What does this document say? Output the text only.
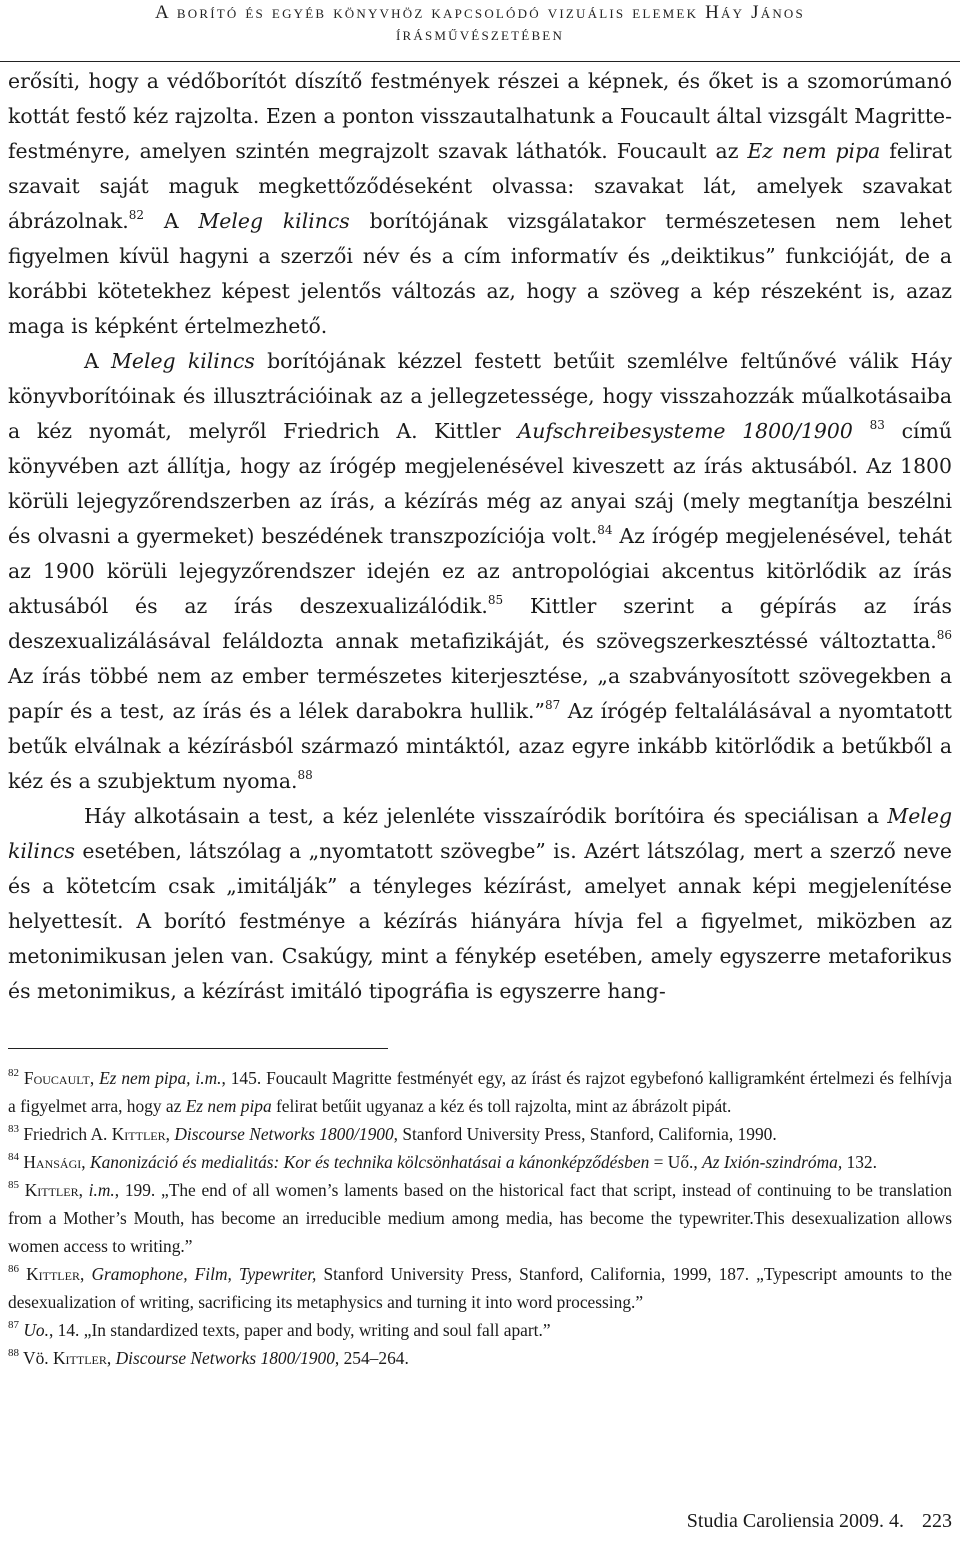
A borító és egyéb könyvhöz kapcsolódó vizuális elemek Háy János
írásművészetében

erősíti, hogy a védőborítót díszítő festmények részei a képnek, és őket is a szomorúmanó kottát festő kéz rajzolta. Ezen a ponton visszautalhatunk a Foucault által vizsgált Magritte-festményre, amelyen szintén megrajzolt szavak láthatók. Foucault az Ez nem pipa felirat szavait saját maguk megkettőződéseként olvassa: szavakat lát, amelyek szavakat ábrázolnak.$^{82}$ A Meleg kilincs borítójának vizsgálatakor természetesen nem lehet figyelmen kívül hagyni a szerzői név és a cím informatív és „deiktikus” funkcióját, de a korábbi kötetekhez képest jelentős változás az, hogy a szöveg a kép részeként is, azaz maga is képként értelmezhető.

A Meleg kilincs borítójának kézzel festett betűit szemlélve feltűnővé válik Háy könyvborítóinak és illusztrációinak az a jellegzetessége, hogy visszahozzák műalkotásaiba a kéz nyomát, melyről Friedrich A. Kittler Aufschreibesysteme 1800/1900 $^{83}$ című könyvében azt állítja, hogy az írógép megjelenésével kiveszett az írás aktusából. Az 1800 körüli lejegyzőrendszerben az írás, a kézírás még az anyai száj (mely megtanítja beszélni és olvasni a gyermeket) beszédének transzpozíciója volt.$^{84}$ Az írógép megjelenésével, tehát az 1900 körüli lejegyzőrendszer idején ez az antropológiai akcentus kitörlődik az írás aktusából és az írás deszexualizálódik.$^{85}$ Kittler szerint a gépírás az írás deszexualizálásával feláldozta annak metafizikáját, és szövegszerkesztéssé változtatta.$^{86}$ Az írás többé nem az ember természetes kiterjesztése, „a szabványosított szövegekben a papír és a test, az írás és a lélek darabokra hullik.”$^{87}$ Az írógép feltalálásával a nyomtatott betűk elválnak a kézírásból származó mintáktól, azaz egyre inkább kitörlődik a betűkből a kéz és a szubjektum nyoma.$^{88}$

Háy alkotásain a test, a kéz jelenléte visszaíródik borítóira és speciálisan a Meleg kilincs esetében, látszólag a „nyomtatott szövegbe” is. Azért látszólag, mert a szerző neve és a kötetcím csak „imitálják” a tényleges kézírást, amelyet annak képi megjelenítése helyettesít. A borító festménye a kézírás hiányára hívja fel a figyelmet, miközben az metonimikusan jelen van. Csakúgy, mint a fénykép esetében, amely egyszerre metaforikus és metonimikus, a kézírást imitáló tipográfia is egyszerre hang-

$^{82}$ Foucault, Ez nem pipa, i.m., 145. Foucault Magritte festményét egy, az írást és rajzot egybefonó kalligramként értelmezi és felhívja a figyelmet arra, hogy az Ez nem pipa felirat betűit ugyanaz a kéz és toll rajzolta, mint az ábrázolt pipát.

$^{83}$ Friedrich A. Kittler, Discourse Networks 1800/1900, Stanford University Press, Stanford, California, 1990.

$^{84}$ Hansági, Kanonizáció és medialitás: Kor és technika kölcsönhatásai a kánonképződésben = Uő., Az Ixión-szindróma, 132.

$^{85}$ Kittler, i.m., 199. „The end of all women’s laments based on the historical fact that script, instead of continuing to be translation from a Mother’s Mouth, has become an irreducible medium among media, has become the typewriter.This desexualization allows women access to writing.”

$^{86}$ Kittler, Gramophone, Film, Typewriter, Stanford University Press, Stanford, California, 1999, 187. „Typescript amounts to the desexualization of writing, sacrificing its metaphysics and turning it into word processing.”

$^{87}$ Uo., 14. „In standardized texts, paper and body, writing and soul fall apart.”

$^{88}$ Vö. Kittler, Discourse Networks 1800/1900, 254–264.

Studia Caroliensia 2009. 4. 223
